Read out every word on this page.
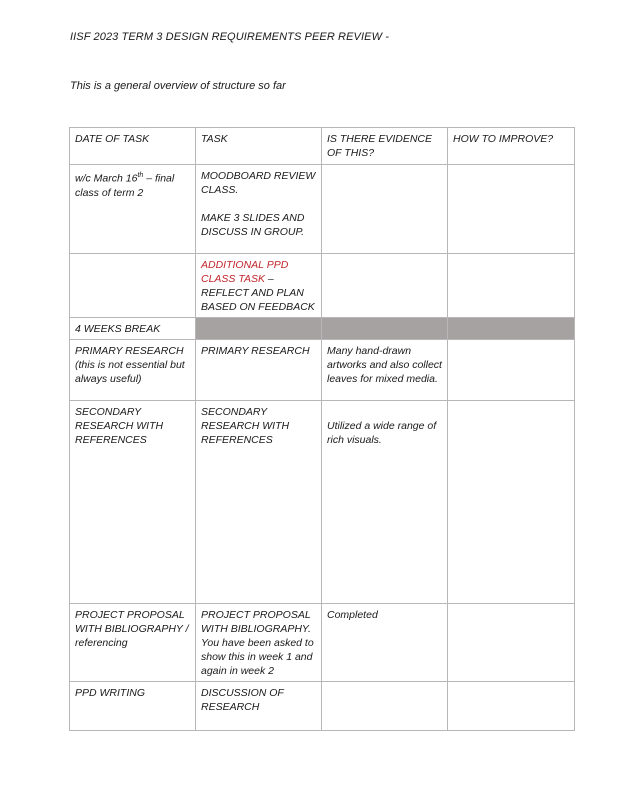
IISF 2023 TERM 3 DESIGN REQUIREMENTS PEER REVIEW -
This is a general overview of structure so far
DATE OF TASK	TASK	IS THERE EVIDENCE OF THIS?	HOW TO IMPROVE?
w/c March 16th – final class of term 2	MOODBOARD REVIEW CLASS.
MAKE 3 SLIDES AND DISCUSS IN GROUP.		

	ADDITIONAL PPD CLASS TASK – REFLECT AND PLAN BASED ON FEEDBACK		
4 WEEKS BREAK			
PRIMARY RESEARCH (this is not essential but always useful)	PRIMARY RESEARCH	Many hand-drawn artworks and also collect leaves for mixed media.	
SECONDARY RESEARCH WITH REFERENCES	SECONDARY RESEARCH WITH REFERENCES	Utilized a wide range of rich visuals.	

PROJECT PROPOSAL WITH BIBLIOGRAPHY / referencing	PROJECT PROPOSAL WITH BIBLIOGRAPHY. You have been asked to show this in week 1 and again in week 2	Completed	
PPD WRITING	DISCUSSION OF RESEARCH		
